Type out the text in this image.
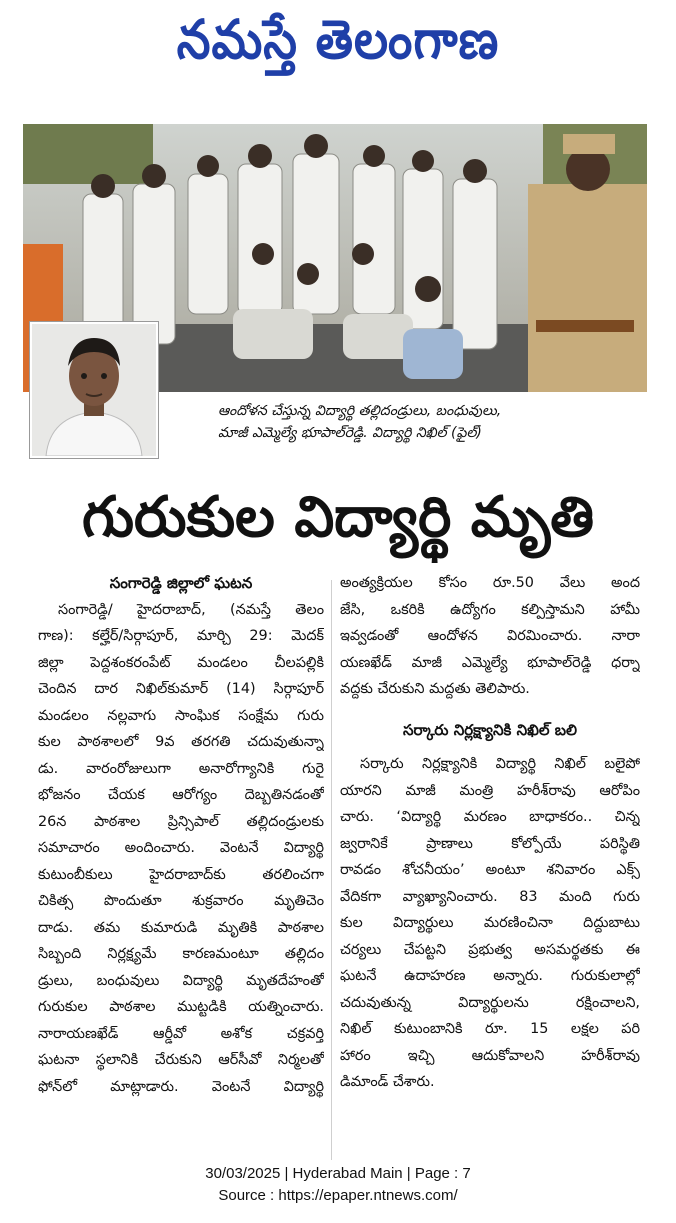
నమస్తే తెలంగాణ
ఆందోళన చేస్తున్న విద్యార్థి తల్లిదండ్రులు, బంధువులు,
మాజీ ఎమ్మెల్యే భూపాల్‌రెడ్డి. విద్యార్థి నిఖిల్ (ఫైల్)
గురుకుల విద్యార్థి మృతి
సంగారెడ్డి జిల్లాలో ఘటన
సంగారెడ్డి/ హైదరాబాద్, (నమస్తే తెలం
గాణ): కల్హేర్/సిర్గాపూర్, మార్చి 29: మెదక్
జిల్లా పెద్దశంకరంపేట్ మండలం చీలపల్లికి
చెందిన దార నిఖిల్‌కుమార్ (14) సిర్గాపూర్
మండలం నల్లవాగు సాంఘిక సంక్షేమ గురు
కుల పాఠశాలలో 9వ తరగతి చదువుతున్నా
డు. వారంరోజులుగా అనారోగ్యానికి గురై
భోజనం చేయక ఆరోగ్యం దెబ్బతినడంతో
26న పాఠశాల ప్రిన్సిపాల్ తల్లిదండ్రులకు
సమాచారం అందించారు. వెంటనే విద్యార్థి
కుటుంబీకులు హైదరాబాద్‌కు తరలించగా
చికిత్స పొందుతూ శుక్రవారం మృతిచెం
దాడు. తమ కుమారుడి మృతికి పాఠశాల
సిబ్బంది నిర్లక్ష్యమే కారణమంటూ తల్లిదం
డ్రులు, బంధువులు విద్యార్థి మృతదేహంతో
గురుకుల పాఠశాల ముట్టడికి యత్నించారు.
నారాయణఖేడ్ ఆర్డీవో అశోక చక్రవర్తి
ఘటనా స్థలానికి చేరుకుని ఆర్‌సీవో నిర్మలతో
ఫోన్‌లో మాట్లాడారు. వెంటనే విద్యార్థి
అంత్యక్రియల కోసం రూ.50 వేలు అంద
జేసి, ఒకరికి ఉద్యోగం కల్పిస్తామని హామీ
ఇవ్వడంతో ఆందోళన విరమించారు. నారా
యణఖేడ్ మాజీ ఎమ్మెల్యే భూపాల్‌రెడ్డి ధర్నా
వద్దకు చేరుకుని మద్దతు తెలిపారు.
సర్కారు నిర్లక్ష్యానికి నిఖిల్ బలి
సర్కారు నిర్లక్ష్యానికి విద్యార్థి నిఖిల్ బలైపో
యారని మాజీ మంత్రి హరీశ్‌రావు ఆరోపిం
చారు. ‘విద్యార్థి మరణం బాధాకరం.. చిన్న
జ్వరానికే ప్రాణాలు కోల్పోయే పరిస్థితి
రావడం శోచనీయం’ అంటూ శనివారం ఎక్స్
వేదికగా వ్యాఖ్యానించారు. 83 మంది గురు
కుల విద్యార్థులు మరణించినా దిద్దుబాటు
చర్యలు చేపట్టని ప్రభుత్వ అసమర్థతకు ఈ
ఘటనే ఉదాహరణ అన్నారు. గురుకులాల్లో
చదువుతున్న విద్యార్థులను రక్షించాలని,
నిఖిల్ కుటుంబానికి రూ. 15 లక్షల పరి
హారం ఇచ్చి ఆదుకోవాలని హరీశ్‌రావు
డిమాండ్ చేశారు.
30/03/2025 | Hyderabad Main | Page : 7
Source : https://epaper.ntnews.com/
